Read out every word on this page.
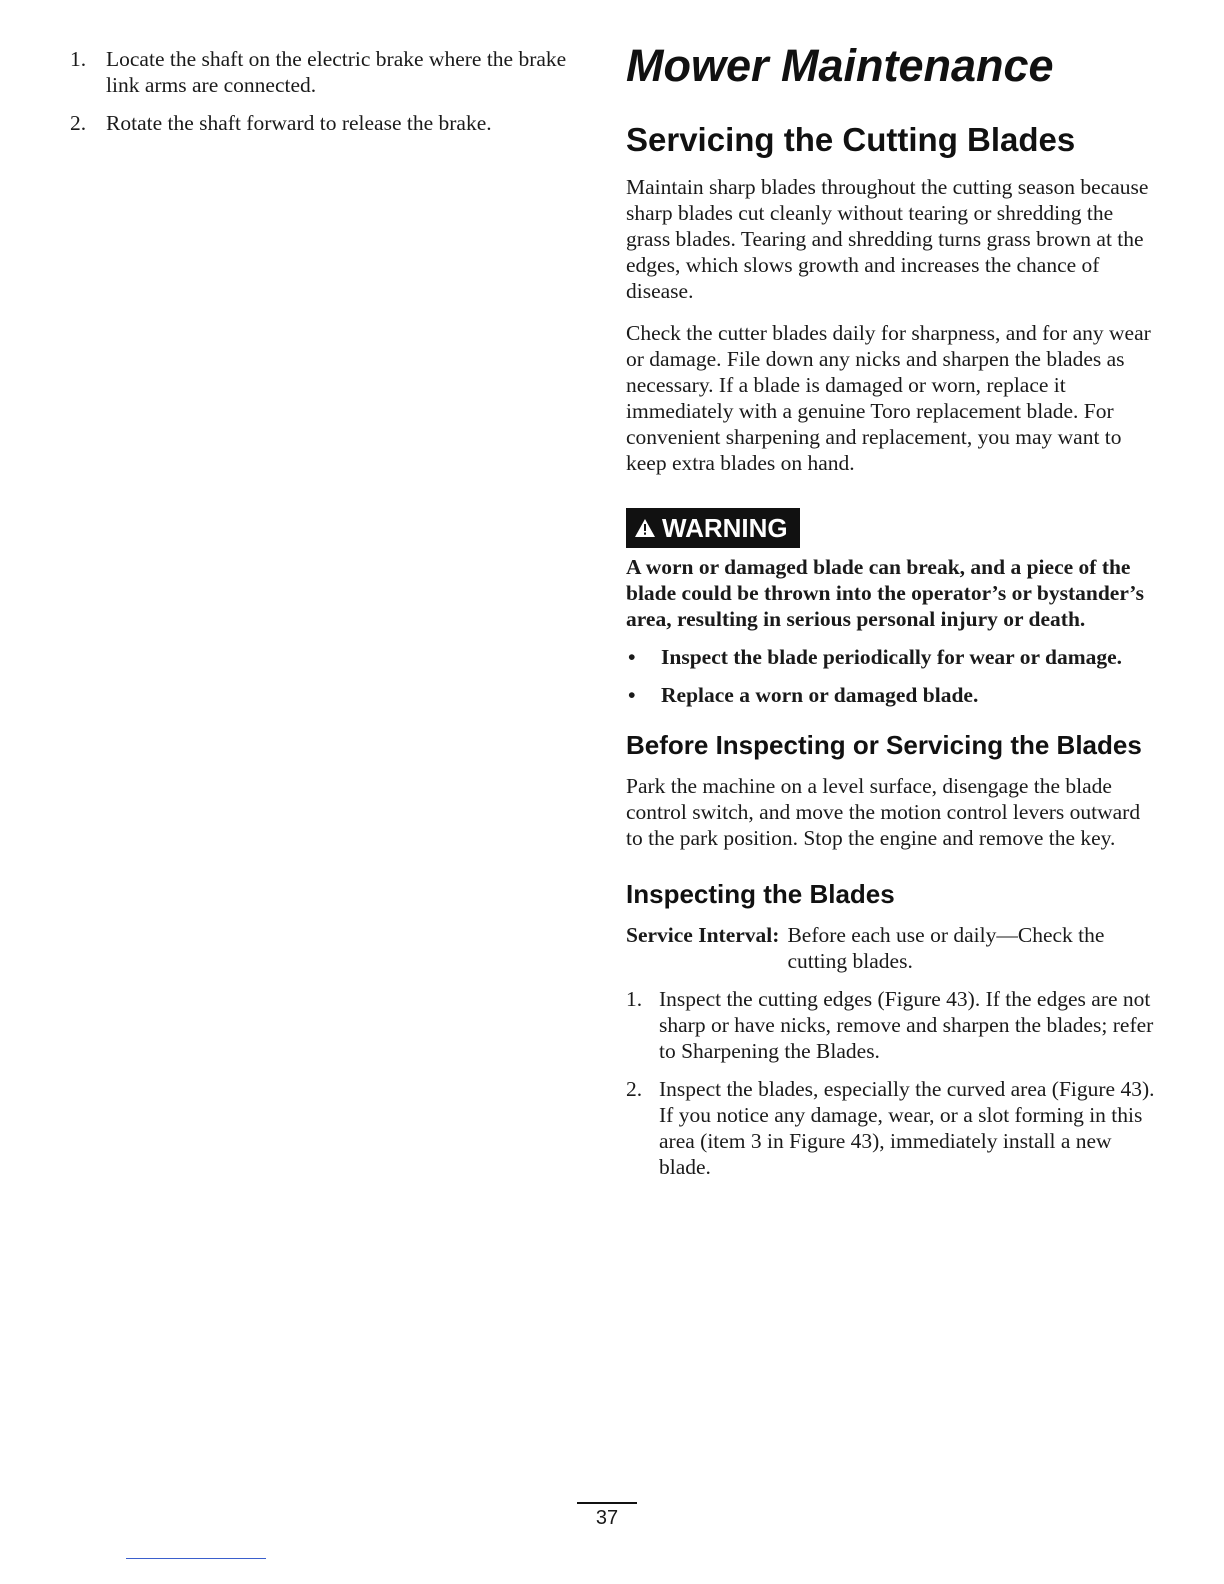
1. Locate the shaft on the electric brake where the brake link arms are connected.
2. Rotate the shaft forward to release the brake.
Mower Maintenance
Servicing the Cutting Blades

Maintain sharp blades throughout the cutting season because sharp blades cut cleanly without tearing or shredding the grass blades. Tearing and shredding turns grass brown at the edges, which slows growth and increases the chance of disease.

Check the cutter blades daily for sharpness, and for any wear or damage. File down any nicks and sharpen the blades as necessary. If a blade is damaged or worn, replace it immediately with a genuine Toro replacement blade. For convenient sharpening and replacement, you may want to keep extra blades on hand.

WARNING

A worn or damaged blade can break, and a piece of the blade could be thrown into the operator’s or bystander’s area, resulting in serious personal injury or death.

•	Inspect the blade periodically for wear or damage.
•	Replace a worn or damaged blade.
Before Inspecting or Servicing the Blades

Park the machine on a level surface, disengage the blade control switch, and move the motion control levers outward to the park position. Stop the engine and remove the key.

Inspecting the Blades
Service Interval: Before each use or daily—Check the cutting blades.
1. Inspect the cutting edges (Figure 43). If the edges are not sharp or have nicks, remove and sharpen the blades; refer to Sharpening the Blades.
2. Inspect the blades, especially the curved area (Figure 43). If you notice any damage, wear, or a slot forming in this area (item 3 in Figure 43), immediately install a new blade.
37
